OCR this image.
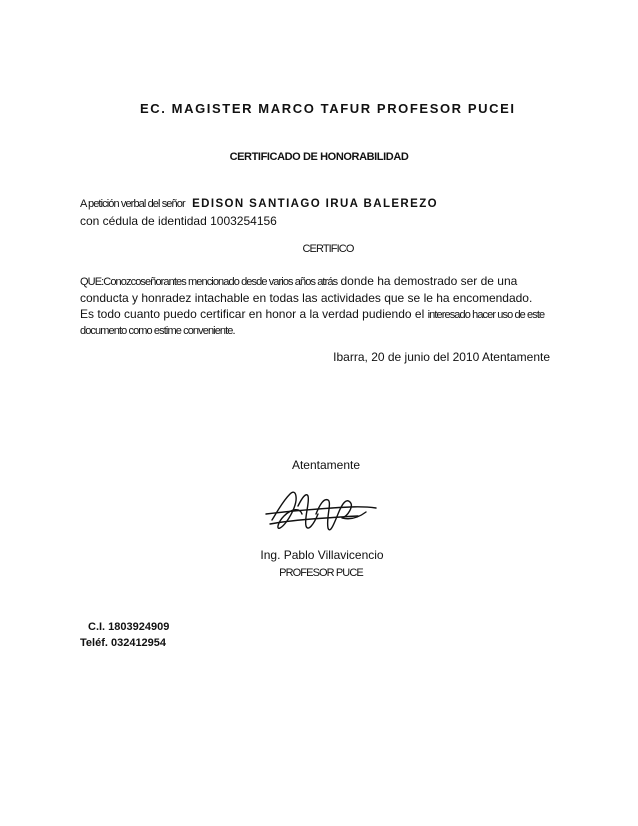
EC. MAGISTER MARCO TAFUR PROFESOR PUCEI
CERTIFICADO DE HONORABILIDAD
A petición verbal del señor EDISON SANTIAGO IRUA BALEREZO
con cédula de identidad 1003254156
CERTIFICO
QUE:Conozcoseñorantes mencionado desde varios años atrás donde ha demostrado ser de una
conducta y honradez intachable en todas las actividades que se le ha encomendado.
Es todo cuanto puedo certificar en honor a la verdad pudiendo el interesado hacer uso de este
documento como estime conveniente.
Ibarra, 20 de junio del 2010 Atentamente
Atentamente
Ing. Pablo Villavicencio
PROFESOR PUCE
C.I. 1803924909
Teléf. 032412954
